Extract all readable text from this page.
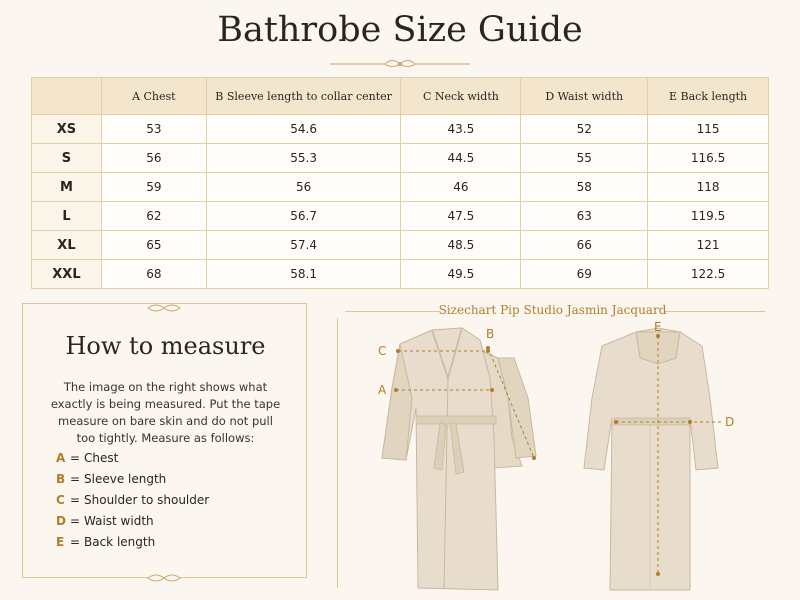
Bathrobe Size Guide
	A Chest	B Sleeve length to collar center	C Neck width	D Waist width	E Back length
XS	53	54.6	43.5	52	115
S	56	55.3	44.5	55	116.5
M	59	56	46	58	118
L	62	56.7	47.5	63	119.5
XL	65	57.4	48.5	66	121
XXL	68	58.1	49.5	69	122.5
How to measure
The image on the right shows what exactly is being measured. Put the tape measure on bare skin and do not pull too tightly. Measure as follows:
A = Chest
B = Sleeve length
C = Shoulder to shoulder
D = Waist width
E = Back length
Sizechart Pip Studio Jasmin Jacquard
C
A
B	E
D
